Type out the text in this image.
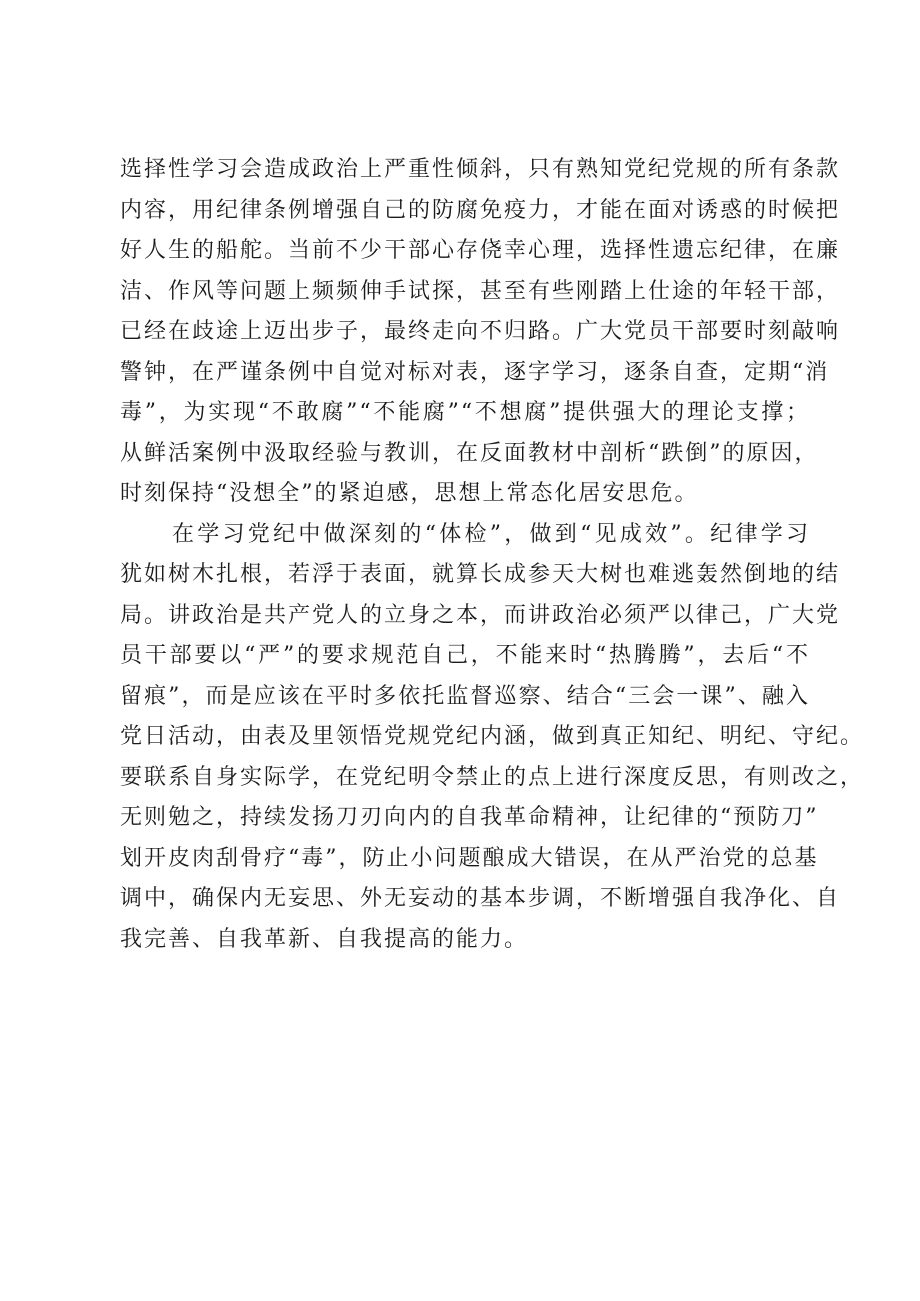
选择性学习会造成政治上严重性倾斜，只有熟知党纪党规的所有条款
内容，用纪律条例增强自己的防腐免疫力，才能在面对诱惑的时候把
好人生的船舵。当前不少干部心存侥幸心理，选择性遗忘纪律，在廉
洁、作风等问题上频频伸手试探，甚至有些刚踏上仕途的年轻干部，
已经在歧途上迈出步子，最终走向不归路。广大党员干部要时刻敲响
警钟，在严谨条例中自觉对标对表，逐字学习，逐条自查，定期“消
毒”，为实现“不敢腐”“不能腐”“不想腐”提供强大的理论支撑；
从鲜活案例中汲取经验与教训，在反面教材中剖析“跌倒”的原因，
时刻保持“没想全”的紧迫感，思想上常态化居安思危。
在学习党纪中做深刻的“体检”，做到“见成效”。纪律学习
犹如树木扎根，若浮于表面，就算长成参天大树也难逃轰然倒地的结
局。讲政治是共产党人的立身之本，而讲政治必须严以律己，广大党
员干部要以“严”的要求规范自己，不能来时“热腾腾”，去后“不
留痕”，而是应该在平时多依托监督巡察、结合“三会一课”、融入
党日活动，由表及里领悟党规党纪内涵，做到真正知纪、明纪、守纪。
要联系自身实际学，在党纪明令禁止的点上进行深度反思，有则改之，
无则勉之，持续发扬刀刃向内的自我革命精神，让纪律的“预防刀”
划开皮肉刮骨疗“毒”，防止小问题酿成大错误，在从严治党的总基
调中，确保内无妄思、外无妄动的基本步调，不断增强自我净化、自
我完善、自我革新、自我提高的能力。
